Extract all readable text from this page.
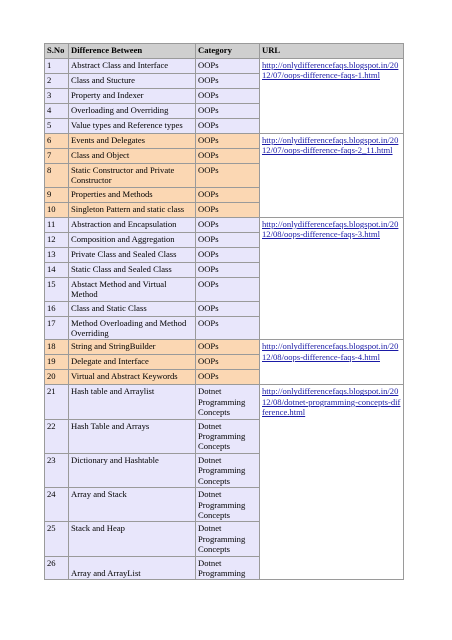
S.No	Difference Between	Category	URL
1	Abstract Class and Interface	OOPs	http://onlydifferencefaqs.blogspot.in/2012/07/oops-difference-faqs-1.html
2	Class and Stucture	OOPs	
3	Property and Indexer	OOPs	
4	Overloading and Overriding	OOPs	
5	Value types and Reference types	OOPs	
6	Events and Delegates	OOPs	http://onlydifferencefaqs.blogspot.in/2012/07/oops-difference-faqs-2_11.html
7	Class and Object	OOPs	
8	Static Constructor and Private Constructor	OOPs	
9	Properties and Methods	OOPs	
10	Singleton Pattern and static class	OOPs	
11	Abstraction and Encapsulation	OOPs	http://onlydifferencefaqs.blogspot.in/2012/08/oops-difference-faqs-3.html
12	Composition and Aggregation	OOPs	
13	Private Class and Sealed Class	OOPs	
14	Static Class and Sealed Class	OOPs	
15	Abstact Method and Virtual Method	OOPs	
16	Class and Static Class	OOPs	
17	Method Overloading and Method Overriding	OOPs	
18	String and StringBuilder	OOPs	http://onlydifferencefaqs.blogspot.in/2012/08/oops-difference-faqs-4.html
19	Delegate and Interface	OOPs	
20	Virtual and Abstract Keywords	OOPs	
21	Hash table and Arraylist	Dotnet Programming Concepts	http://onlydifferencefaqs.blogspot.in/2012/08/dotnet-programming-concepts-difference.html
22	Hash Table and Arrays	Dotnet Programming Concepts	
23	Dictionary and Hashtable	Dotnet Programming Concepts	
24	Array and Stack	Dotnet Programming Concepts	
25	Stack and Heap	Dotnet Programming Concepts	
26	Array and ArrayList	Dotnet Programming	
